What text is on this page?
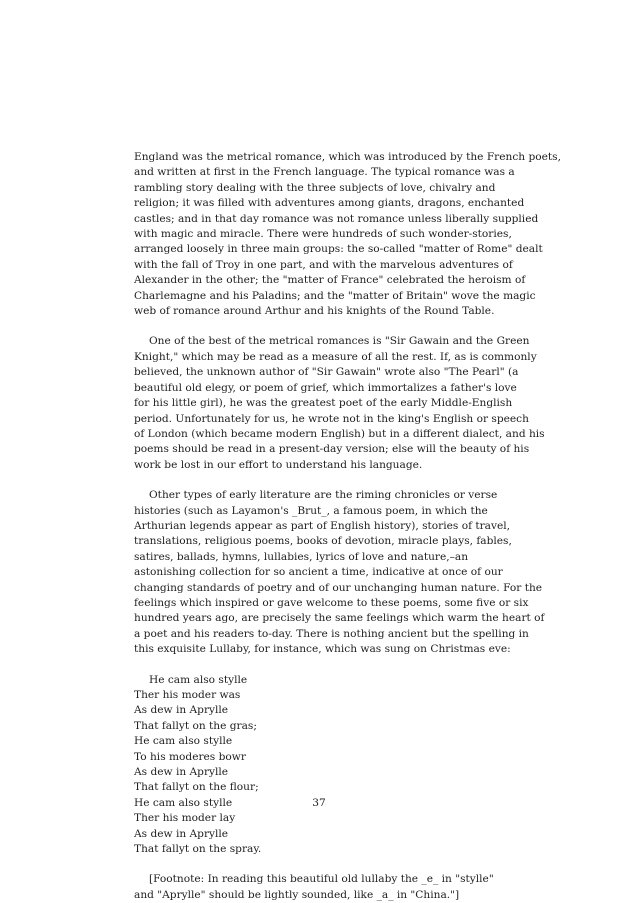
England was the metrical romance, which was introduced by the French poets,
and written at first in the French language. The typical romance was a
rambling story dealing with the three subjects of love, chivalry and
religion; it was filled with adventures among giants, dragons, enchanted
castles; and in that day romance was not romance unless liberally supplied
with magic and miracle. There were hundreds of such wonder-stories,
arranged loosely in three main groups: the so-called "matter of Rome" dealt
with the fall of Troy in one part, and with the marvelous adventures of
Alexander in the other; the "matter of France" celebrated the heroism of
Charlemagne and his Paladins; and the "matter of Britain" wove the magic
web of romance around Arthur and his knights of the Round Table.
One of the best of the metrical romances is "Sir Gawain and the Green
Knight," which may be read as a measure of all the rest. If, as is commonly
believed, the unknown author of "Sir Gawain" wrote also "The Pearl" (a
beautiful old elegy, or poem of grief, which immortalizes a father's love
for his little girl), he was the greatest poet of the early Middle-English
period. Unfortunately for us, he wrote not in the king's English or speech
of London (which became modern English) but in a different dialect, and his
poems should be read in a present-day version; else will the beauty of his
work be lost in our effort to understand his language.
Other types of early literature are the riming chronicles or verse
histories (such as Layamon's _Brut_, a famous poem, in which the
Arthurian legends appear as part of English history), stories of travel,
translations, religious poems, books of devotion, miracle plays, fables,
satires, ballads, hymns, lullabies, lyrics of love and nature,–an
astonishing collection for so ancient a time, indicative at once of our
changing standards of poetry and of our unchanging human nature. For the
feelings which inspired or gave welcome to these poems, some five or six
hundred years ago, are precisely the same feelings which warm the heart of
a poet and his readers to-day. There is nothing ancient but the spelling in
this exquisite Lullaby, for instance, which was sung on Christmas eve:
He cam also stylle
Ther his moder was
As dew in Aprylle
That fallyt on the gras;
He cam also stylle
To his moderes bowr
As dew in Aprylle
That fallyt on the flour;
He cam also stylle
Ther his moder lay
As dew in Aprylle
That fallyt on the spray.
[Footnote: In reading this beautiful old lullaby the _e_ in "stylle"
and "Aprylle" should be lightly sounded, like _a_ in "China."]
37
